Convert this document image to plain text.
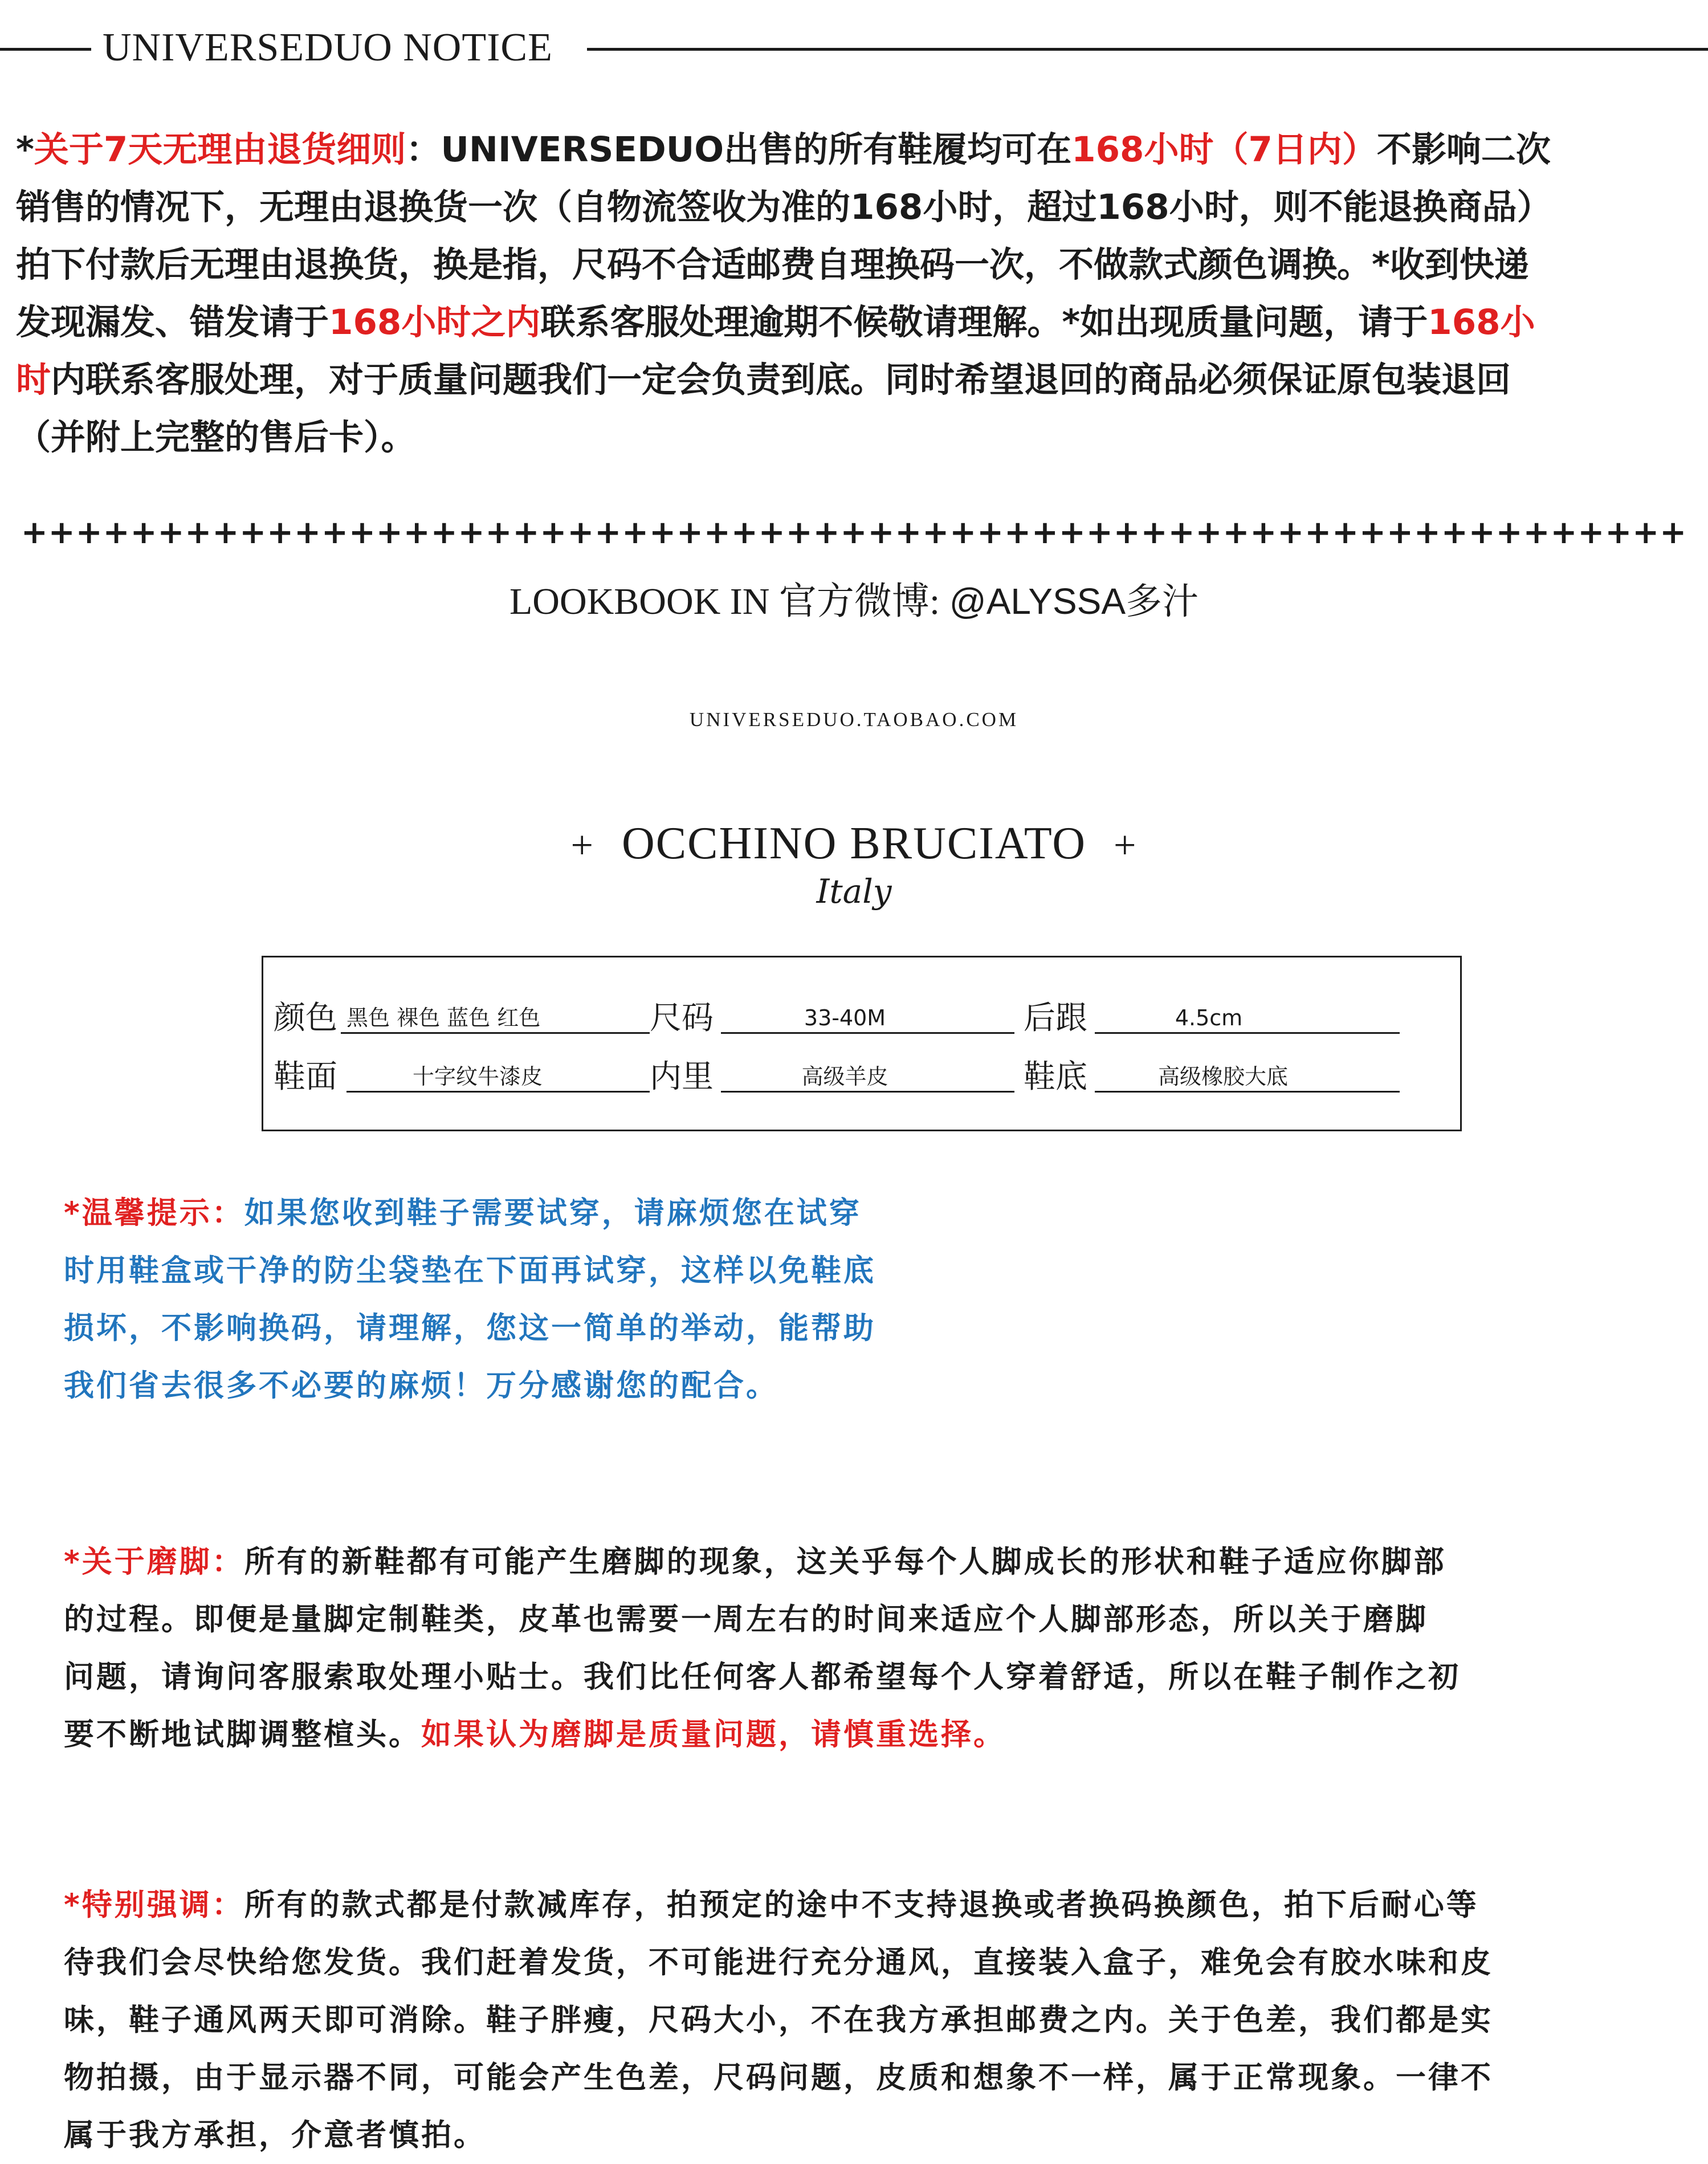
UNIVERSEDUO NOTICE
*关于7天无理由退货细则：UNIVERSEDUO出售的所有鞋履均可在168小时（7日内）不影响二次
销售的情况下，无理由退换货一次（自物流签收为准的168小时，超过168小时，则不能退换商品）
拍下付款后无理由退换货，换是指，尺码不合适邮费自理换码一次，不做款式颜色调换。*收到快递
发现漏发、错发请于168小时之内联系客服处理逾期不候敬请理解。*如出现质量问题，请于168小
时内联系客服处理，对于质量问题我们一定会负责到底。同时希望退回的商品必须保证原包装退回
（并附上完整的售后卡）。
+++++++++++++++++++++++++++++++++++++++++++++++++++++++++++++
LOOKBOOK IN 官方微博: @ALYSSA多汁
UNIVERSEDUO.TAOBAO.COM
+ OCCHINO BRUCIATO +
Italy
颜色 黑色 裸色 蓝色 红色	尺码	33-40M	后跟	4.5cm
鞋面	十字纹牛漆皮	内里	高级羊皮	鞋底	高级橡胶大底
*温馨提示：如果您收到鞋子需要试穿，请麻烦您在试穿
时用鞋盒或干净的防尘袋垫在下面再试穿，这样以免鞋底
损坏，不影响换码，请理解，您这一简单的举动，能帮助
我们省去很多不必要的麻烦！万分感谢您的配合。
*关于磨脚：所有的新鞋都有可能产生磨脚的现象，这关乎每个人脚成长的形状和鞋子适应你脚部
的过程。即便是量脚定制鞋类，皮革也需要一周左右的时间来适应个人脚部形态，所以关于磨脚
问题，请询问客服索取处理小贴士。我们比任何客人都希望每个人穿着舒适，所以在鞋子制作之初
要不断地试脚调整楦头。如果认为磨脚是质量问题，请慎重选择。
*特别强调：所有的款式都是付款减库存，拍预定的途中不支持退换或者换码换颜色，拍下后耐心等
待我们会尽快给您发货。我们赶着发货，不可能进行充分通风，直接装入盒子，难免会有胶水味和皮
味，鞋子通风两天即可消除。鞋子胖瘦，尺码大小，不在我方承担邮费之内。关于色差，我们都是实
物拍摄，由于显示器不同，可能会产生色差，尺码问题，皮质和想象不一样，属于正常现象。一律不
属于我方承担，介意者慎拍。
